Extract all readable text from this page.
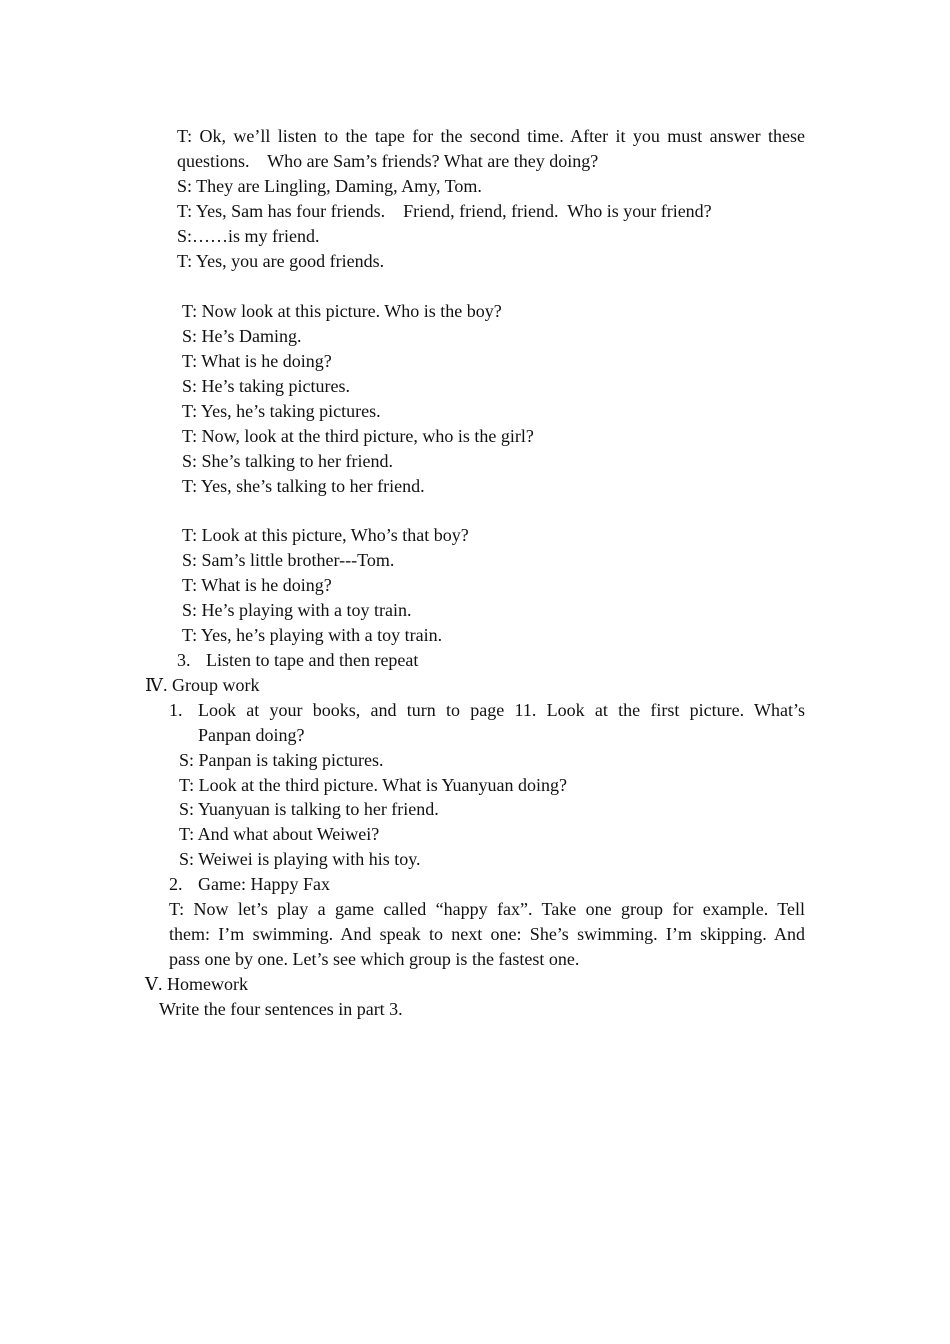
T: Ok, we’ll listen to the tape for the second time. After it you must answer these
questions.    Who are Sam’s friends? What are they doing?
S: They are Lingling, Daming, Amy, Tom.
T: Yes, Sam has four friends.    Friend, friend, friend.  Who is your friend?
S:……is my friend.
T: Yes, you are good friends.
T: Now look at this picture. Who is the boy?
S: He’s Daming.
T: What is he doing?
S: He’s taking pictures.
T: Yes, he’s taking pictures.
T: Now, look at the third picture, who is the girl?
S: She’s talking to her friend.
T: Yes, she’s talking to her friend.
T: Look at this picture, Who’s that boy?
S: Sam’s little brother---Tom.
T: What is he doing?
S: He’s playing with a toy train.
T: Yes, he’s playing with a toy train.
3. Listen to tape and then repeat
Ⅳ. Group work
1. Look at your books, and turn to page 11. Look at the first picture. What’s
Panpan doing?
S: Panpan is taking pictures.
T: Look at the third picture. What is Yuanyuan doing?
S: Yuanyuan is talking to her friend.
T: And what about Weiwei?
S: Weiwei is playing with his toy.
2. Game: Happy Fax
T: Now let’s play a game called “happy fax”. Take one group for example. Tell
them: I’m swimming. And speak to next one: She’s swimming. I’m skipping. And
pass one by one. Let’s see which group is the fastest one.
Ⅴ. Homework
Write the four sentences in part 3.
